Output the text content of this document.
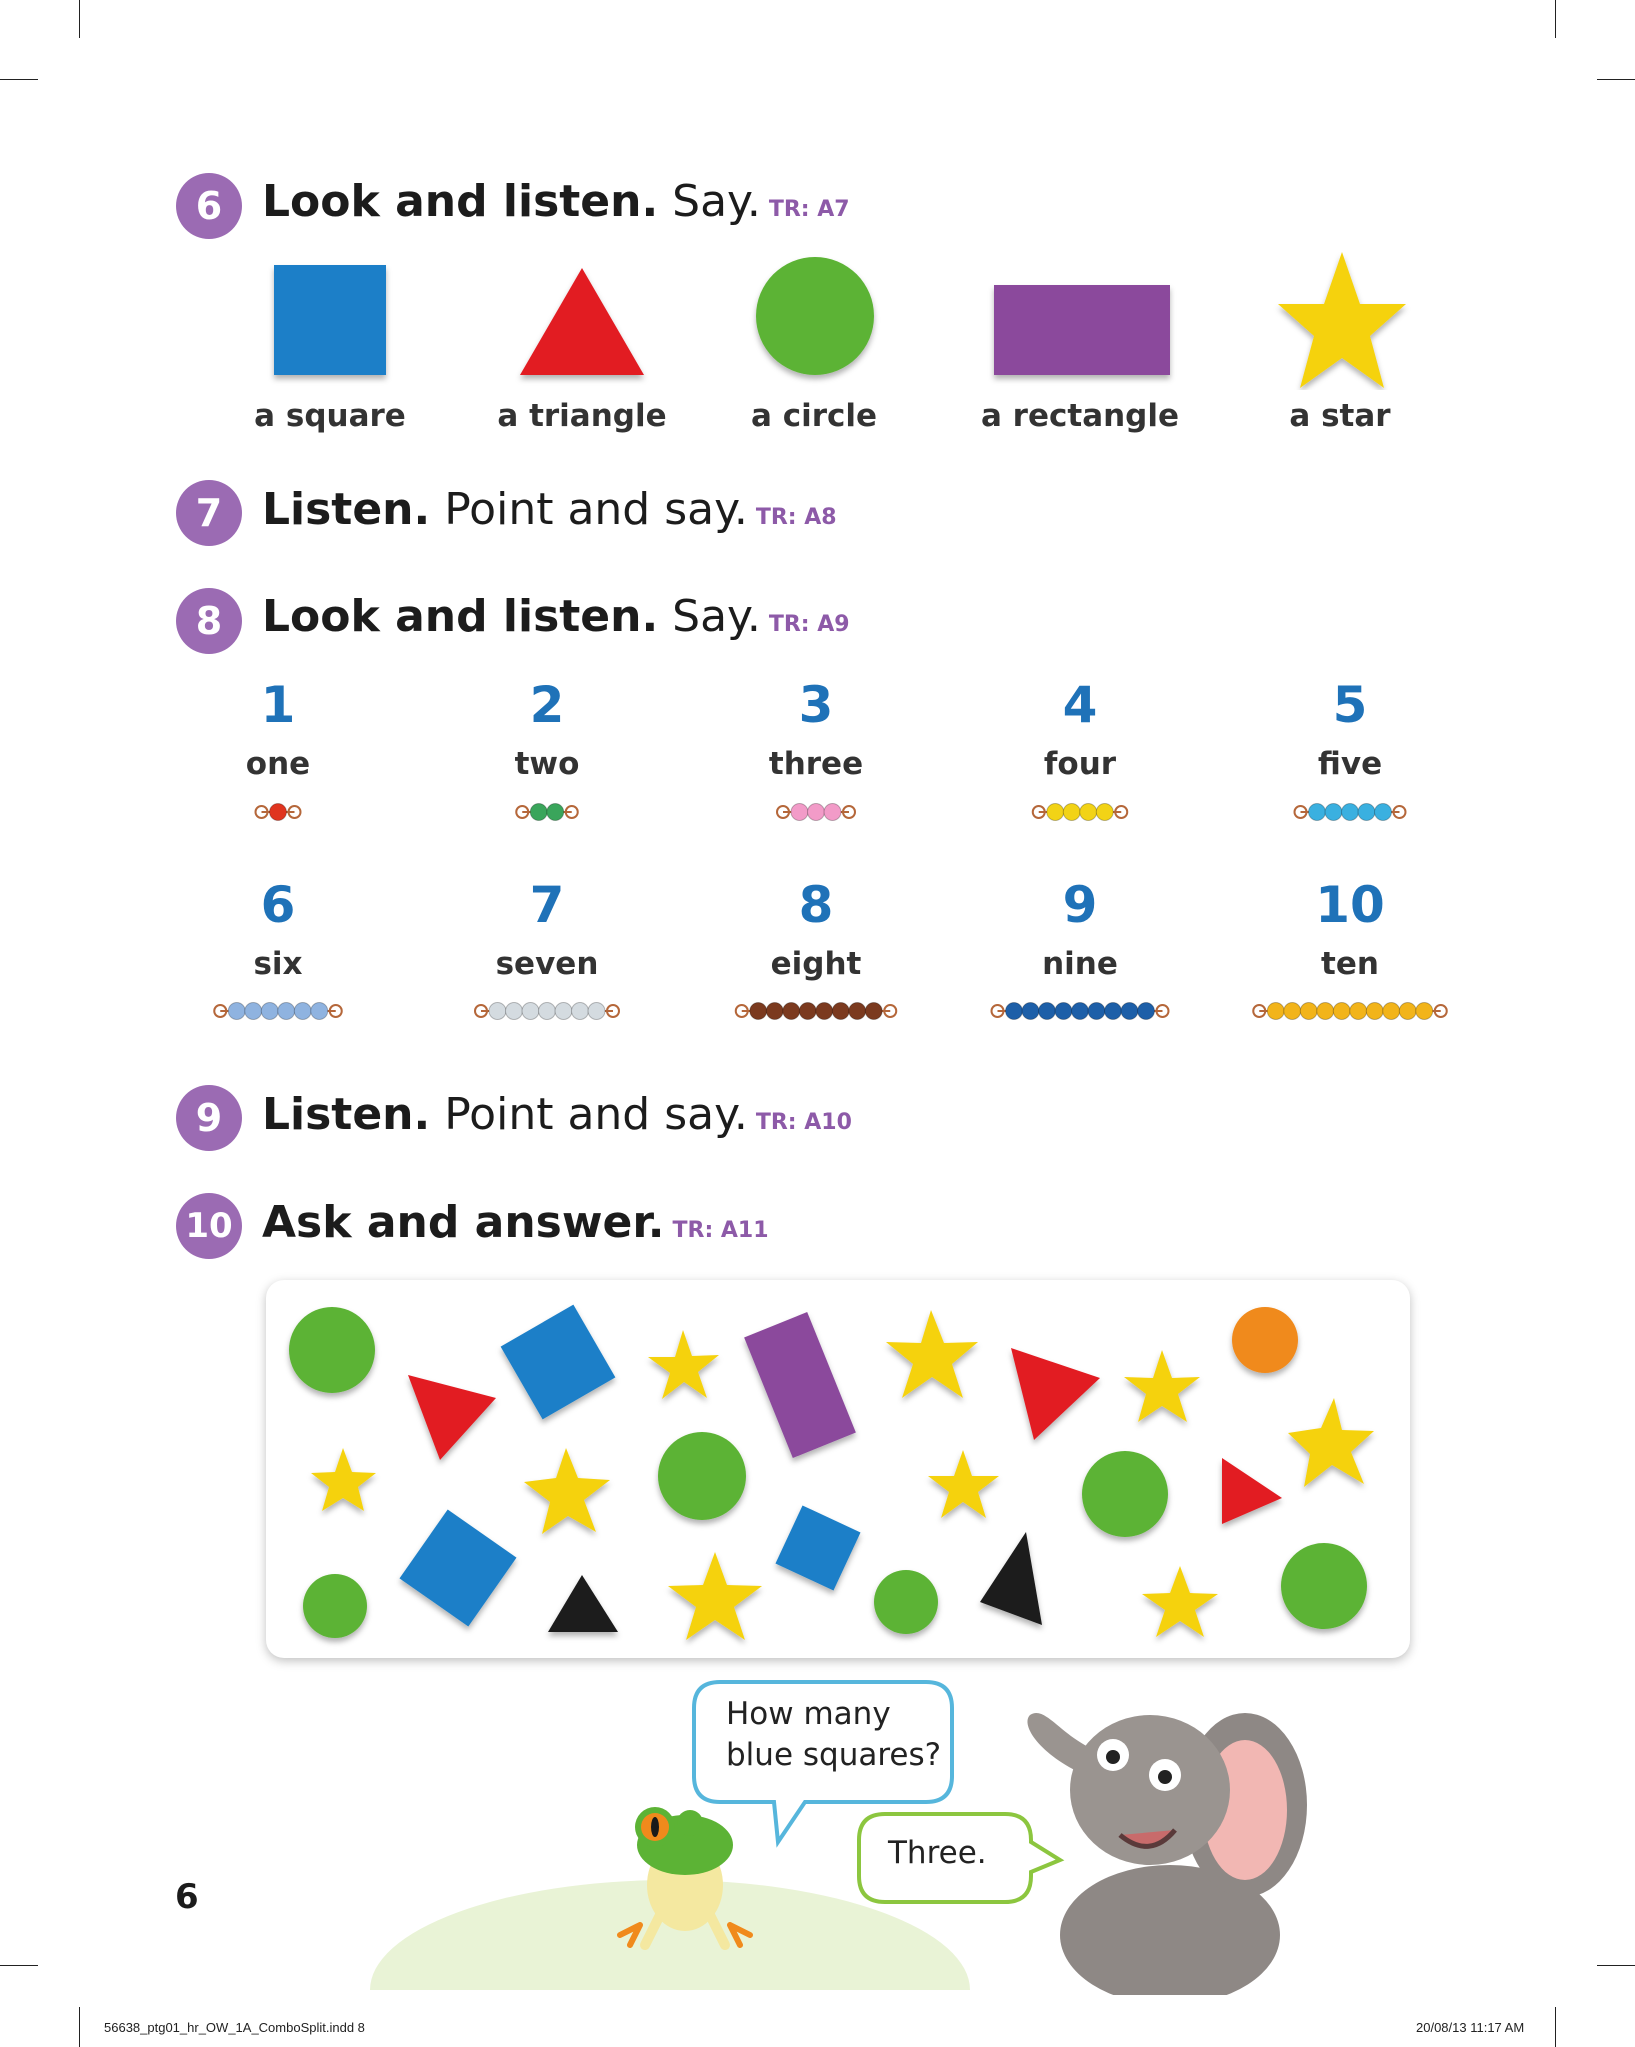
6 Look and listen. Say. TR: A7
a square	a triangle	a circle	a rectangle	a star
7 Listen. Point and say. TR: A8
8 Look and listen. Say. TR: A9
1	2	3	4	5
one	two	three	four	five
6	7	8	9	10
six	seven	eight	nine	ten
9 Listen. Point and say. TR: A10
10 Ask and answer. TR: A11
How many
blue squares?
Three.
6
56638_ptg01_hr_OW_1A_ComboSplit.indd 8	20/08/13 11:17 AM
